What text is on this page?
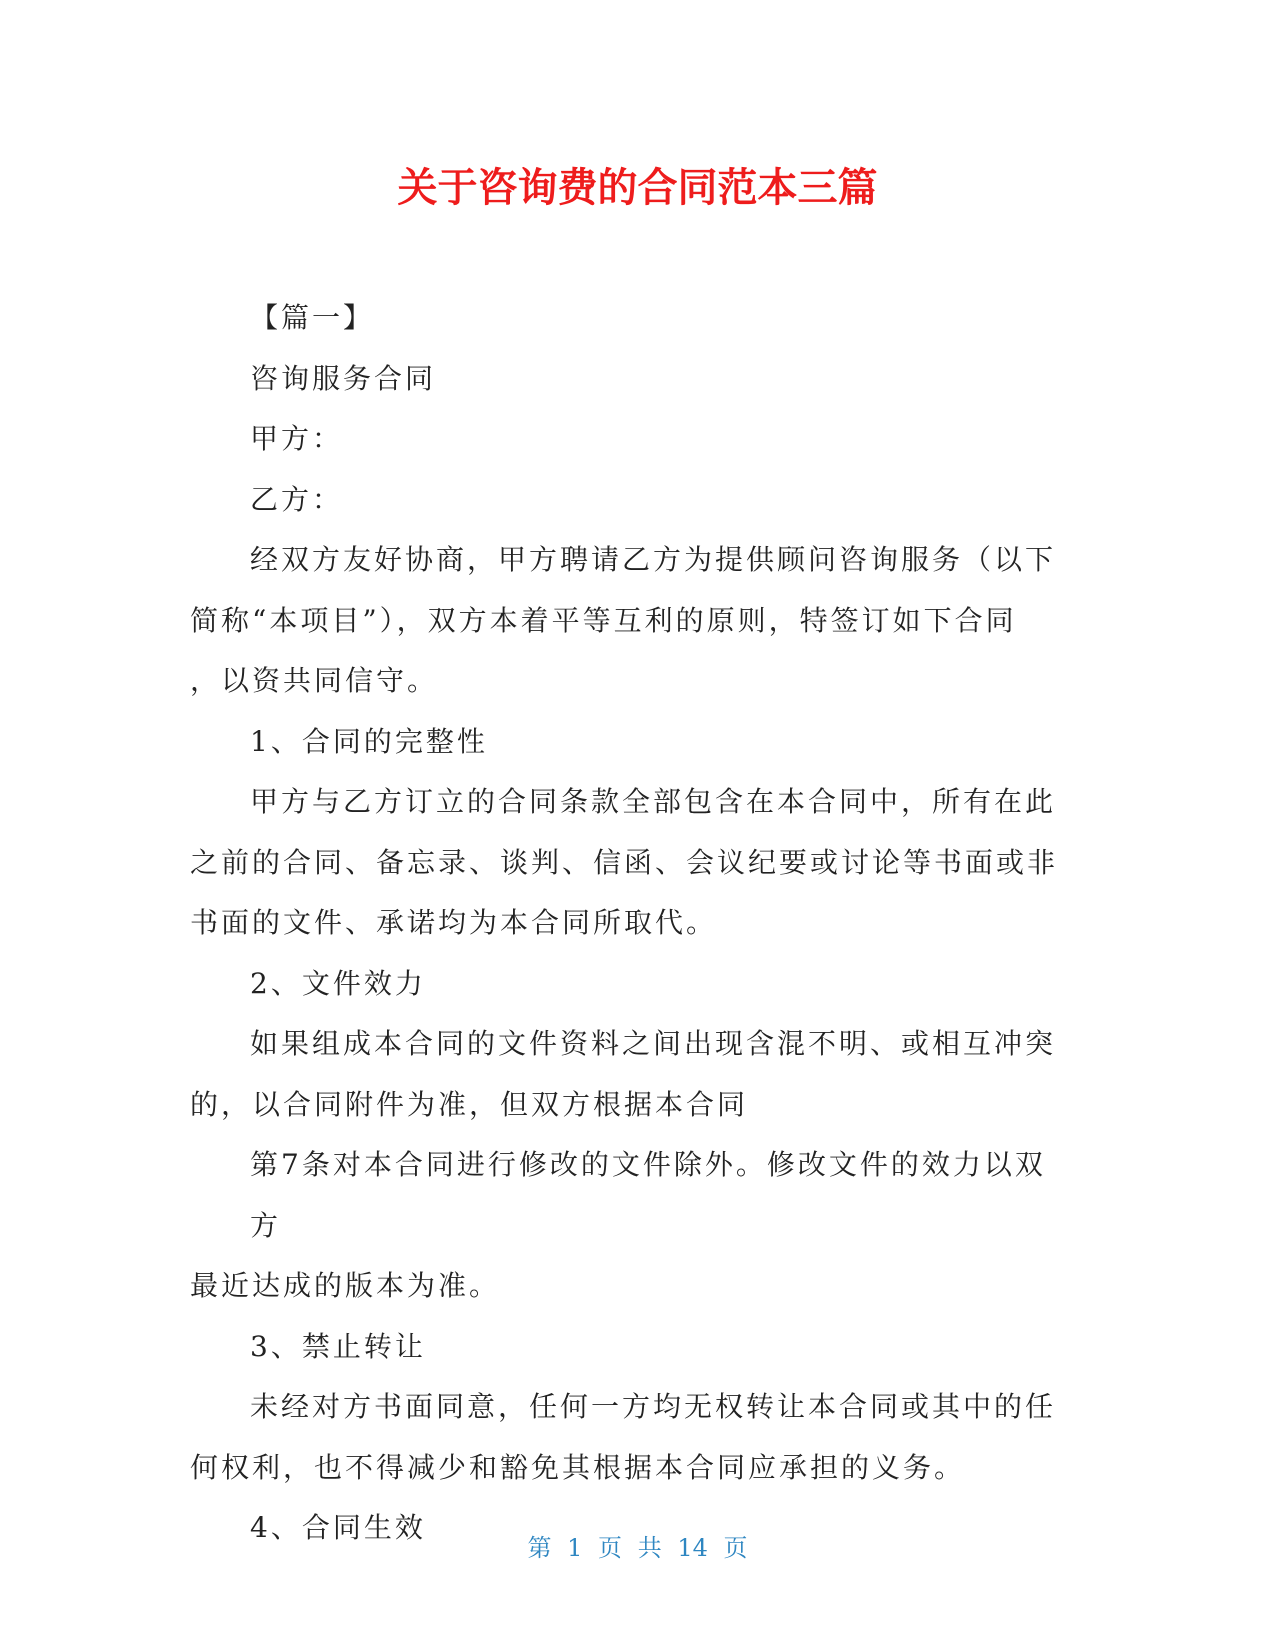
关于咨询费的合同范本三篇

【篇一】

咨询服务合同

甲方：

乙方：

经双方友好协商，甲方聘请乙方为提供顾问咨询服务（以下

简称“本项目”），双方本着平等互利的原则，特签订如下合同

，以资共同信守。

1、合同的完整性

甲方与乙方订立的合同条款全部包含在本合同中，所有在此

之前的合同、备忘录、谈判、信函、会议纪要或讨论等书面或非

书面的文件、承诺均为本合同所取代。

2、文件效力

如果组成本合同的文件资料之间出现含混不明、或相互冲突

的，以合同附件为准，但双方根据本合同

第7条对本合同进行修改的文件除外。修改文件的效力以双方

最近达成的版本为准。

3、禁止转让

未经对方书面同意，任何一方均无权转让本合同或其中的任

何权利，也不得减少和豁免其根据本合同应承担的义务。

4、合同生效

第 1 页 共 14 页
